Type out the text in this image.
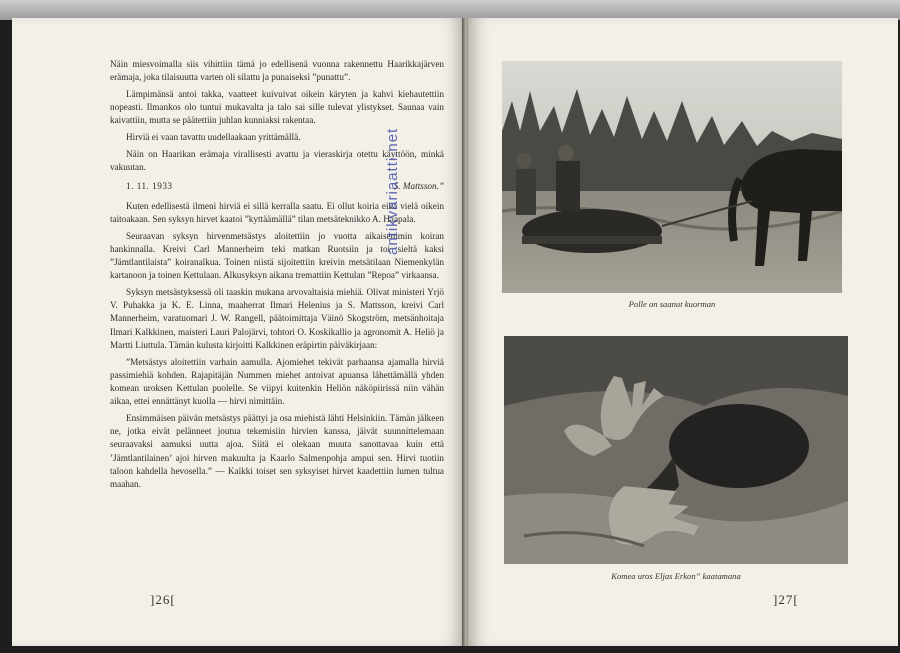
Näin miesvoimalla siis vihittiin tämä jo edellisenä vuonna rakennettu Haarikkajärven erämaja, joka tilaisuutta varten oli silattu ja punaiseksi ”punattu”.

Lämpimänsä antoi takka, vaatteet kuivuivat oikein käryten ja kahvi kiehautettiin nopeasti. Ilmankos olo tuntui mukavalta ja talo sai sille tulevat ylistykset. Saunaa vain kaivattiin, mutta se päätettiin juhlan kunniaksi rakentaa.

Hirviä ei vaan tavattu uudellaakaan yrittämällä.

Näin on Haarikan erämaja virallisesti avattu ja vieraskirja otettu käyttöön, minkä vakuutan.

1. 11. 1933	S. Mattsson.”

Kuten edellisestä ilmeni hirviä ei sillä kerralla saatu. Ei ollut koiria eikä vielä oikein taitoakaan. Sen syksyn hirvet kaatoi ”kyttäämällä” tilan metsäteknikko A. Haapala.

Seuraavan syksyn hirvenmetsästys aloitettiin jo vuotta aikaisemmin koiran hankinnalla. Kreivi Carl Mannerheim teki matkan Ruotsiin ja toi sieltä kaksi ”Jämtlantilaista” koiranalkua. Toinen niistä sijoitettiin kreivin metsätilaan Niemenkylän kartanoon ja toinen Kettulaan. Alkusyksyn aikana tremattiin Kettulan ”Repoa” virkaansa.

Syksyn metsästyksessä oli taaskin mukana arvovaltaisia miehiä. Olivat ministeri Yrjö V. Puhakka ja K. E. Linna, maaherrat Ilmari Helenius ja S. Mattsson, kreivi Carl Mannerheim, varatuomari J. W. Rangell, päätoimittaja Väinö Skogström, metsänhoitaja Ilmari Kalkkinen, maisteri Lauri Palojärvi, tohtori O. Koskikallio ja agronomit A. Heliö ja Martti Liuttula. Tämän kulusta kirjoitti Kalkkinen eräpirtin päiväkirjaan:

”Metsästys aloitettiin varhain aamulla. Ajomiehet tekivät parhaansa ajamalla hirviä passimiehiä kohden. Rajapitäjän Nummen miehet antoivat apuansa lähettämällä yhden komean uroksen Kettulan puolelle. Se viipyi kuitenkin Heliön näköpiirissä niin vähän aikaa, ettei ennättänyt kuolla — hirvi nimittäin.

Ensimmäisen päivän metsästys päättyi ja osa miehistä lähti Helsinkiin. Tämän jälkeen ne, jotka eivät pelänneet joutua tekemisiin hirvien kanssa, jäivät suunnittelemaan seuraavaksi aamuksi uutta ajoa. Siitä ei olekaan muuta sanottavaa kuin että ’Jämtlantilainen’ ajoi hirven makuulta ja Kaarlo Salmenpohja ampui sen. Hirvi tuotiin taloon kahdella hevosella.” — Kaikki toiset sen syksyiset hirvet kaadettiin lumen tultua maahan.

]26[
Polle on saanut kuorman
Komea uros Eljas Erkon” kaatamana
]27[
antikvariaatti.net
